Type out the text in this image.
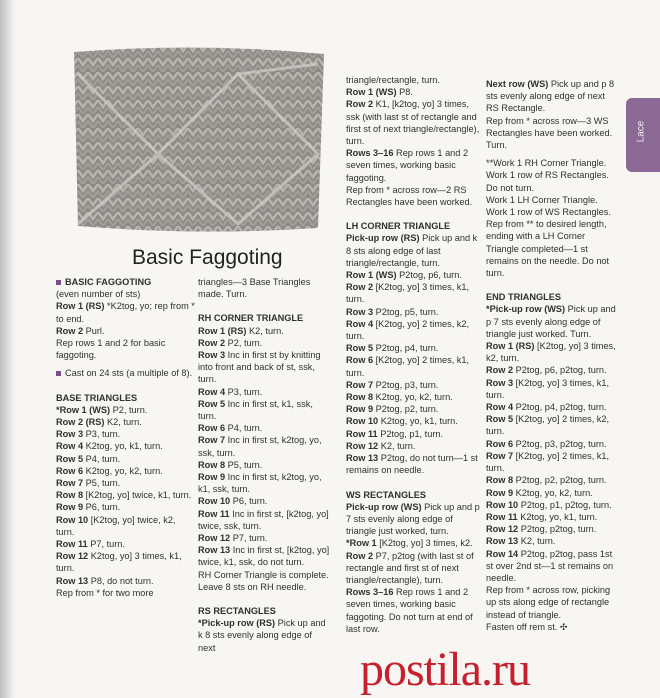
Lace
Basic Faggoting

BASIC FAGGOTING

(even number of sts)

Row 1 (RS) *K2tog, yo; rep from * to end.

Row 2 Purl.

Rep rows 1 and 2 for basic faggoting.

Cast on 24 sts (a multiple of 8).

BASE TRIANGLES

*Row 1 (WS) P2, turn.

Row 2 (RS) K2, turn.

Row 3 P3, turn.

Row 4 K2tog, yo, k1, turn.

Row 5 P4, turn.

Row 6 K2tog, yo, k2, turn.

Row 7 P5, turn.

Row 8 [K2tog, yo] twice, k1, turn.

Row 9 P6, turn.

Row 10 [K2tog, yo] twice, k2, turn.

Row 11 P7, turn.

Row 12 K2tog, yo] 3 times, k1, turn.

Row 13 P8, do not turn.

Rep from * for two more

triangles—3 Base Triangles made. Turn.

RH CORNER TRIANGLE

Row 1 (RS) K2, turn.

Row 2 P2, turn.

Row 3 Inc in first st by knitting into front and back of st, ssk, turn.

Row 4 P3, turn.

Row 5 Inc in first st, k1, ssk, turn.

Row 6 P4, turn.

Row 7 Inc in first st, k2tog, yo, ssk, turn.

Row 8 P5, turn.

Row 9 Inc in first st, k2tog, yo, k1, ssk, turn.

Row 10 P6, turn.

Row 11 Inc in first st, [k2tog, yo] twice, ssk, turn.

Row 12 P7, turn.

Row 13 Inc in first st, [k2tog, yo] twice, k1, ssk, do not turn.

RH Corner Triangle is complete. Leave 8 sts on RH needle.

RS RECTANGLES

*Pick-up row (RS) Pick up and k 8 sts evenly along edge of next

triangle/rectangle, turn.

Row 1 (WS) P8.

Row 2 K1, [k2tog, yo] 3 times, ssk (with last st of rectangle and first st of next triangle/rectangle), turn.

Rows 3–16 Rep rows 1 and 2 seven times, working basic faggoting.

Rep from * across row—2 RS Rectangles have been worked.

LH CORNER TRIANGLE

Pick-up row (RS) Pick up and k 8 sts along edge of last triangle/rectangle, turn.

Row 1 (WS) P2tog, p6, turn.

Row 2 [K2tog, yo] 3 times, k1, turn.

Row 3 P2tog, p5, turn.

Row 4 [K2tog, yo] 2 times, k2, turn.

Row 5 P2tog, p4, turn.

Row 6 [K2tog, yo] 2 times, k1, turn.

Row 7 P2tog, p3, turn.

Row 8 K2tog, yo, k2, turn.

Row 9 P2tog, p2, turn.

Row 10 K2tog, yo, k1, turn.

Row 11 P2tog, p1, turn.

Row 12 K2, turn.

Row 13 P2tog, do not turn—1 st remains on needle.

WS RECTANGLES

Pick-up row (WS) Pick up and p 7 sts evenly along edge of triangle just worked, turn.

*Row 1 [K2tog, yo] 3 times, k2.

Row 2 P7, p2tog (with last st of rectangle and first st of next triangle/rectangle), turn.

Rows 3–16 Rep rows 1 and 2 seven times, working basic faggoting. Do not turn at end of last row.

Next row (WS) Pick up and p 8 sts evenly along edge of next RS Rectangle.

Rep from * across row—3 WS Rectangles have been worked. Turn.

**Work 1 RH Corner Triangle. Work 1 row of RS Rectangles. Do not turn.

Work 1 LH Corner Triangle. Work 1 row of WS Rectangles. Rep from ** to desired length, ending with a LH Corner Triangle completed—1 st remains on the needle. Do not turn.

END TRIANGLES

*Pick-up row (WS) Pick up and p 7 sts evenly along edge of triangle just worked. Turn.

Row 1 (RS) [K2tog, yo] 3 times, k2, turn.

Row 2 P2tog, p6, p2tog, turn.

Row 3 [K2tog, yo] 3 times, k1, turn.

Row 4 P2tog, p4, p2tog, turn.

Row 5 [K2tog, yo] 2 times, k2, turn.

Row 6 P2tog, p3, p2tog, turn.

Row 7 [K2tog, yo] 2 times, k1, turn.

Row 8 P2tog, p2, p2tog, turn.

Row 9 K2tog, yo, k2, turn.

Row 10 P2tog, p1, p2tog, turn.

Row 11 K2tog, yo, k1, turn.

Row 12 P2tog, p2tog, turn.

Row 13 K2, turn.

Row 14 P2tog, p2tog, pass 1st st over 2nd st—1 st remains on needle.

Rep from * across row, picking up sts along edge of rectangle instead of triangle.

Fasten off rem st. ✣

postila.ru
